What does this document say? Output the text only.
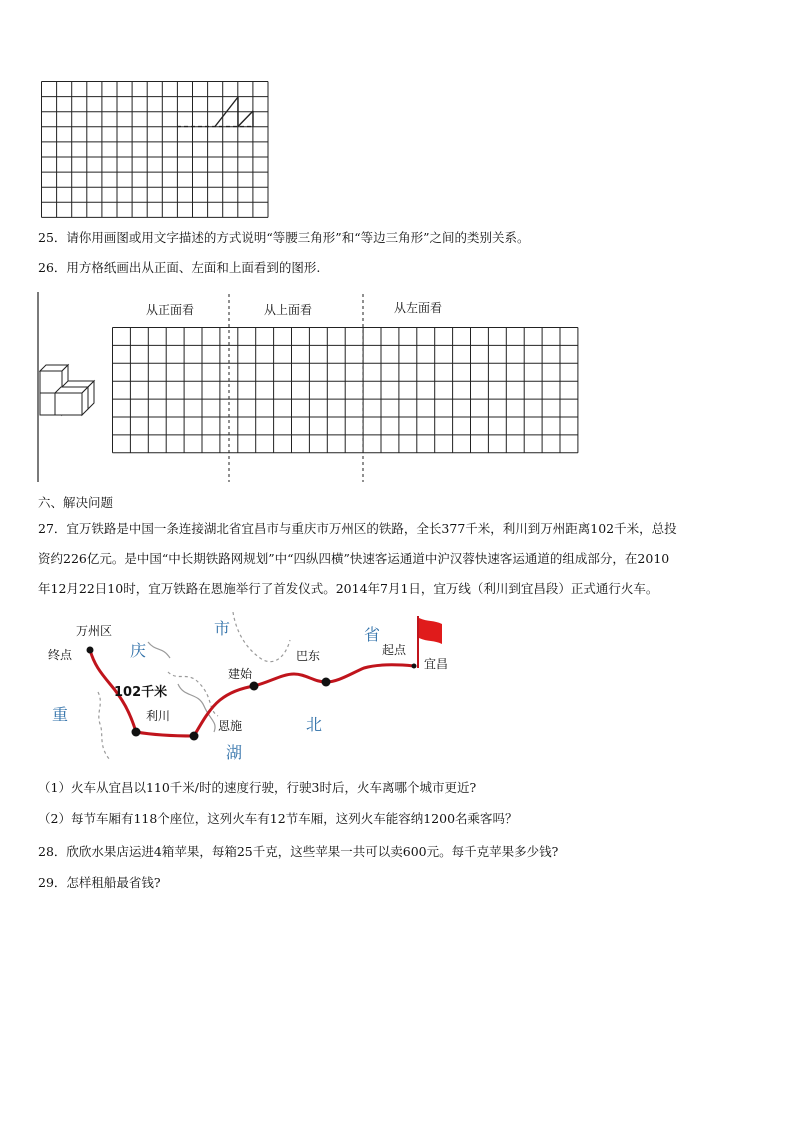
25．请你用画图或用文字描述的方式说明“等腰三角形”和“等边三角形”之间的类别关系。
26．用方格纸画出从正面、左面和上面看到的图形.
从正面看	从上面看	从左面看
六、解决问题
27．宜万铁路是中国一条连接湖北省宜昌市与重庆市万州区的铁路，全长377千米，利川到万州距离102千米，总投
资约226亿元。是中国“中长期铁路网规划”中“四纵四横”快速客运通道中沪汉蓉快速客运通道的组成部分，在2010
年12月22日10时，宜万铁路在恩施举行了首发仪式。2014年7月1日，宜万线（利川到宜昌段）正式通行火车。
万州区
终点	庆
市	省
重
102千米
利川
恩施
建始
巴东	起点
宜昌
湖
北
（1）火车从宜昌以110千米/时的速度行驶，行驶3时后，火车离哪个城市更近?
（2）每节车厢有118个座位，这列火车有12节车厢，这列火车能容纳1200名乘客吗？
28．欣欣水果店运进4箱苹果，每箱25千克，这些苹果一共可以卖600元。每千克苹果多少钱?
29．怎样租船最省钱?
